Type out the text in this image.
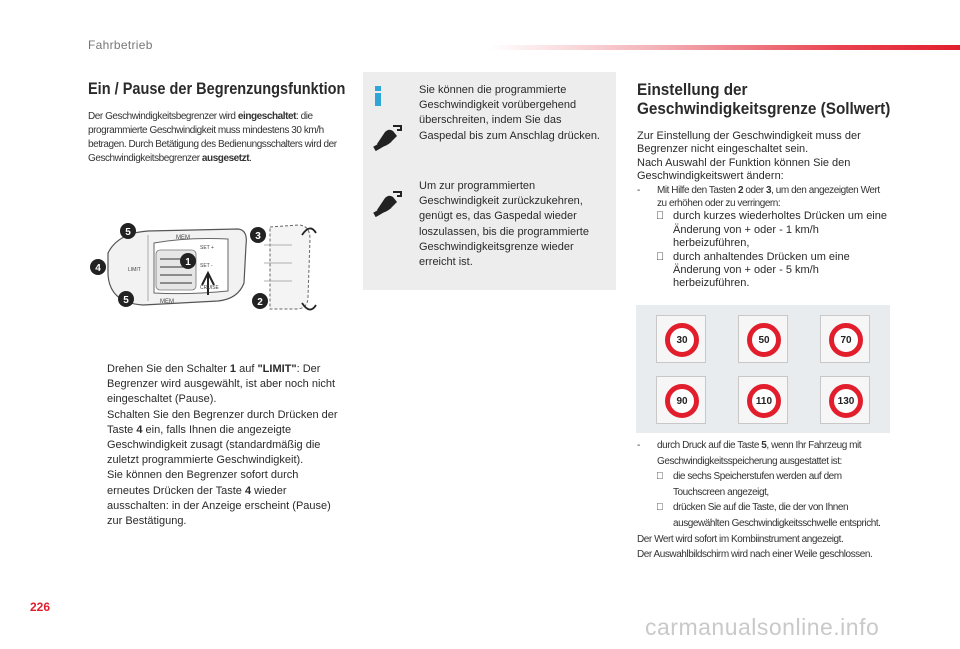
Fahrbetrieb
Ein / Pause der Begrenzungsfunktion
Der Geschwindigkeitsbegrenzer wird eingeschaltet: die programmierte Geschwindigkeit muss mindestens 30 km/h betragen. Durch Betätigung des Bedienungsschalters wird der Geschwindigkeitsbegrenzer ausgesetzt.
MEM
SET +
SET -
CRUISE
MEM
LIMIT
5
4
1
5
3
2
Drehen Sie den Schalter 1 auf "LIMIT": Der Begrenzer wird ausgewählt, ist aber noch nicht eingeschaltet (Pause).
Schalten Sie den Begrenzer durch Drücken der Taste 4 ein, falls Ihnen die angezeigte Geschwindigkeit zusagt (standardmäßig die zuletzt programmierte Geschwindigkeit).
Sie können den Begrenzer sofort durch erneutes Drücken der Taste 4 wieder ausschalten: in der Anzeige erscheint (Pause) zur Bestätigung.
Sie können die programmierte Geschwindigkeit vorübergehend überschreiten, indem Sie das Gaspedal bis zum Anschlag drücken.
Um zur programmierten Geschwindigkeit zurückzukehren, genügt es, das Gaspedal wieder loszulassen, bis die programmierte Geschwindigkeitsgrenze wieder erreicht ist.
Einstellung der Geschwindigkeitsgrenze (Sollwert)
Zur Einstellung der Geschwindigkeit muss der Begrenzer nicht eingeschaltet sein.
Nach Auswahl der Funktion können Sie den Geschwindigkeitswert ändern:
- Mit Hilfe den Tasten 2 oder 3, um den angezeigten Wert zu erhöhen oder zu verringern:
durch kurzes wiederholtes Drücken um eine Änderung von + oder - 1 km/h herbeizuführen,
durch anhaltendes Drücken um eine Änderung von + oder - 5 km/h herbeizuführen.
30	50	70
90	110	130
- durch Druck auf die Taste 5, wenn Ihr Fahrzeug mit Geschwindigkeitsspeicherung ausgestattet ist:
die sechs Speicherstufen werden auf dem Touchscreen angezeigt,
drücken Sie auf die Taste, die der von Ihnen ausgewählten Geschwindigkeitsschwelle entspricht.
Der Wert wird sofort im Kombiinstrument angezeigt.
Der Auswahlbildschirm wird nach einer Weile geschlossen.
226
carmanualsonline.info
